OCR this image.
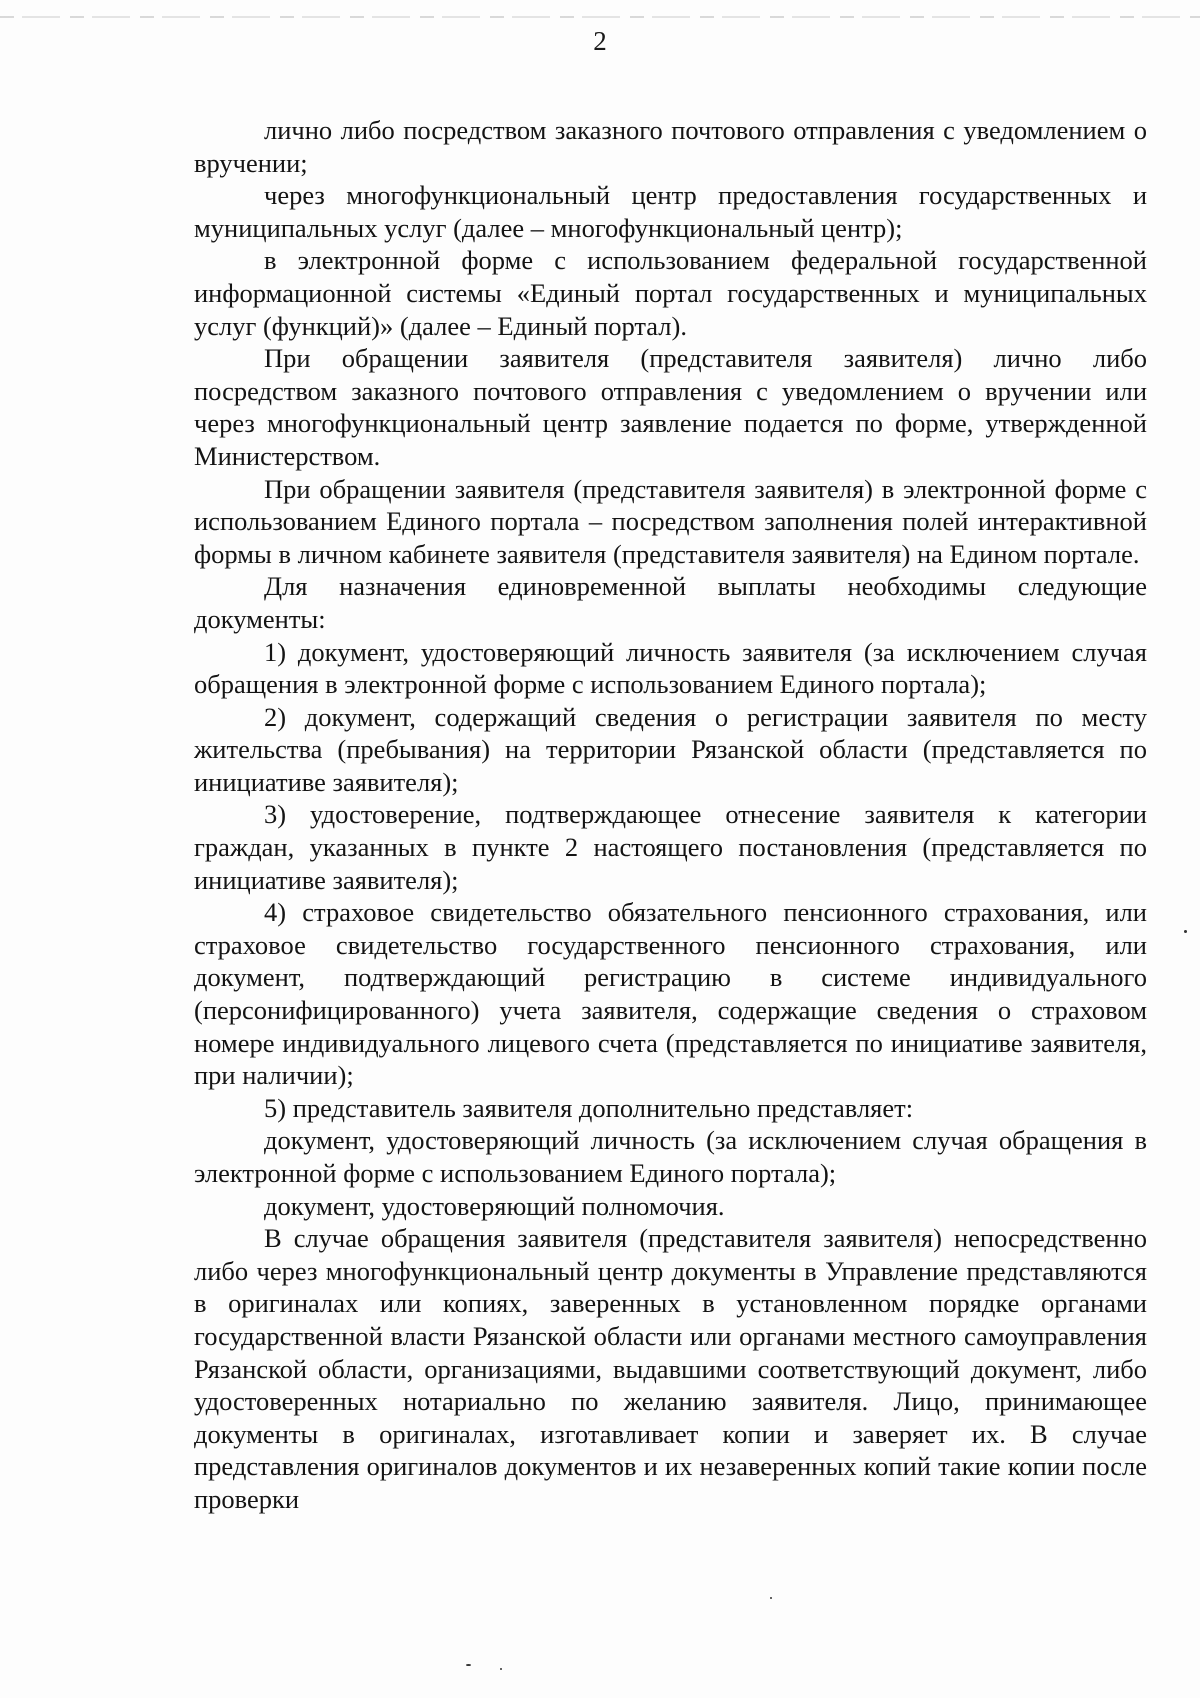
2

лично либо посредством заказного почтового отправления с уведомлением о вручении;

через многофункциональный центр предоставления государственных и муниципальных услуг (далее – многофункциональный центр);

в электронной форме с использованием федеральной государственной информационной системы «Единый портал государственных и муниципальных услуг (функций)» (далее – Единый портал).

При обращении заявителя (представителя заявителя) лично либо посредством заказного почтового отправления с уведомлением о вручении или через многофункциональный центр заявление подается по форме, утвержденной Министерством.

При обращении заявителя (представителя заявителя) в электронной форме с использованием Единого портала – посредством заполнения полей интерактивной формы в личном кабинете заявителя (представителя заявителя) на Едином портале.

Для назначения единовременной выплаты необходимы следующие документы:

1) документ, удостоверяющий личность заявителя (за исключением случая обращения в электронной форме с использованием Единого портала);

2) документ, содержащий сведения о регистрации заявителя по месту жительства (пребывания) на территории Рязанской области (представляется по инициативе заявителя);

3) удостоверение, подтверждающее отнесение заявителя к категории граждан, указанных в пункте 2 настоящего постановления (представляется по инициативе заявителя);

4) страховое свидетельство обязательного пенсионного страхования, или страховое свидетельство государственного пенсионного страхования, или документ, подтверждающий регистрацию в системе индивидуального (персонифицированного) учета заявителя, содержащие сведения о страховом номере индивидуального лицевого счета (представляется по инициативе заявителя, при наличии);

5) представитель заявителя дополнительно представляет:

документ, удостоверяющий личность (за исключением случая обращения в электронной форме с использованием Единого портала);

документ, удостоверяющий полномочия.

В случае обращения заявителя (представителя заявителя) непосредственно либо через многофункциональный центр документы в Управление представляются в оригиналах или копиях, заверенных в установленном порядке органами государственной власти Рязанской области или органами местного самоуправления Рязанской области, организациями, выдавшими соответствующий документ, либо удостоверенных нотариально по желанию заявителя. Лицо, принимающее документы в оригиналах, изготавливает копии и заверяет их. В случае представления оригиналов документов и их незаверенных копий такие копии после проверки
